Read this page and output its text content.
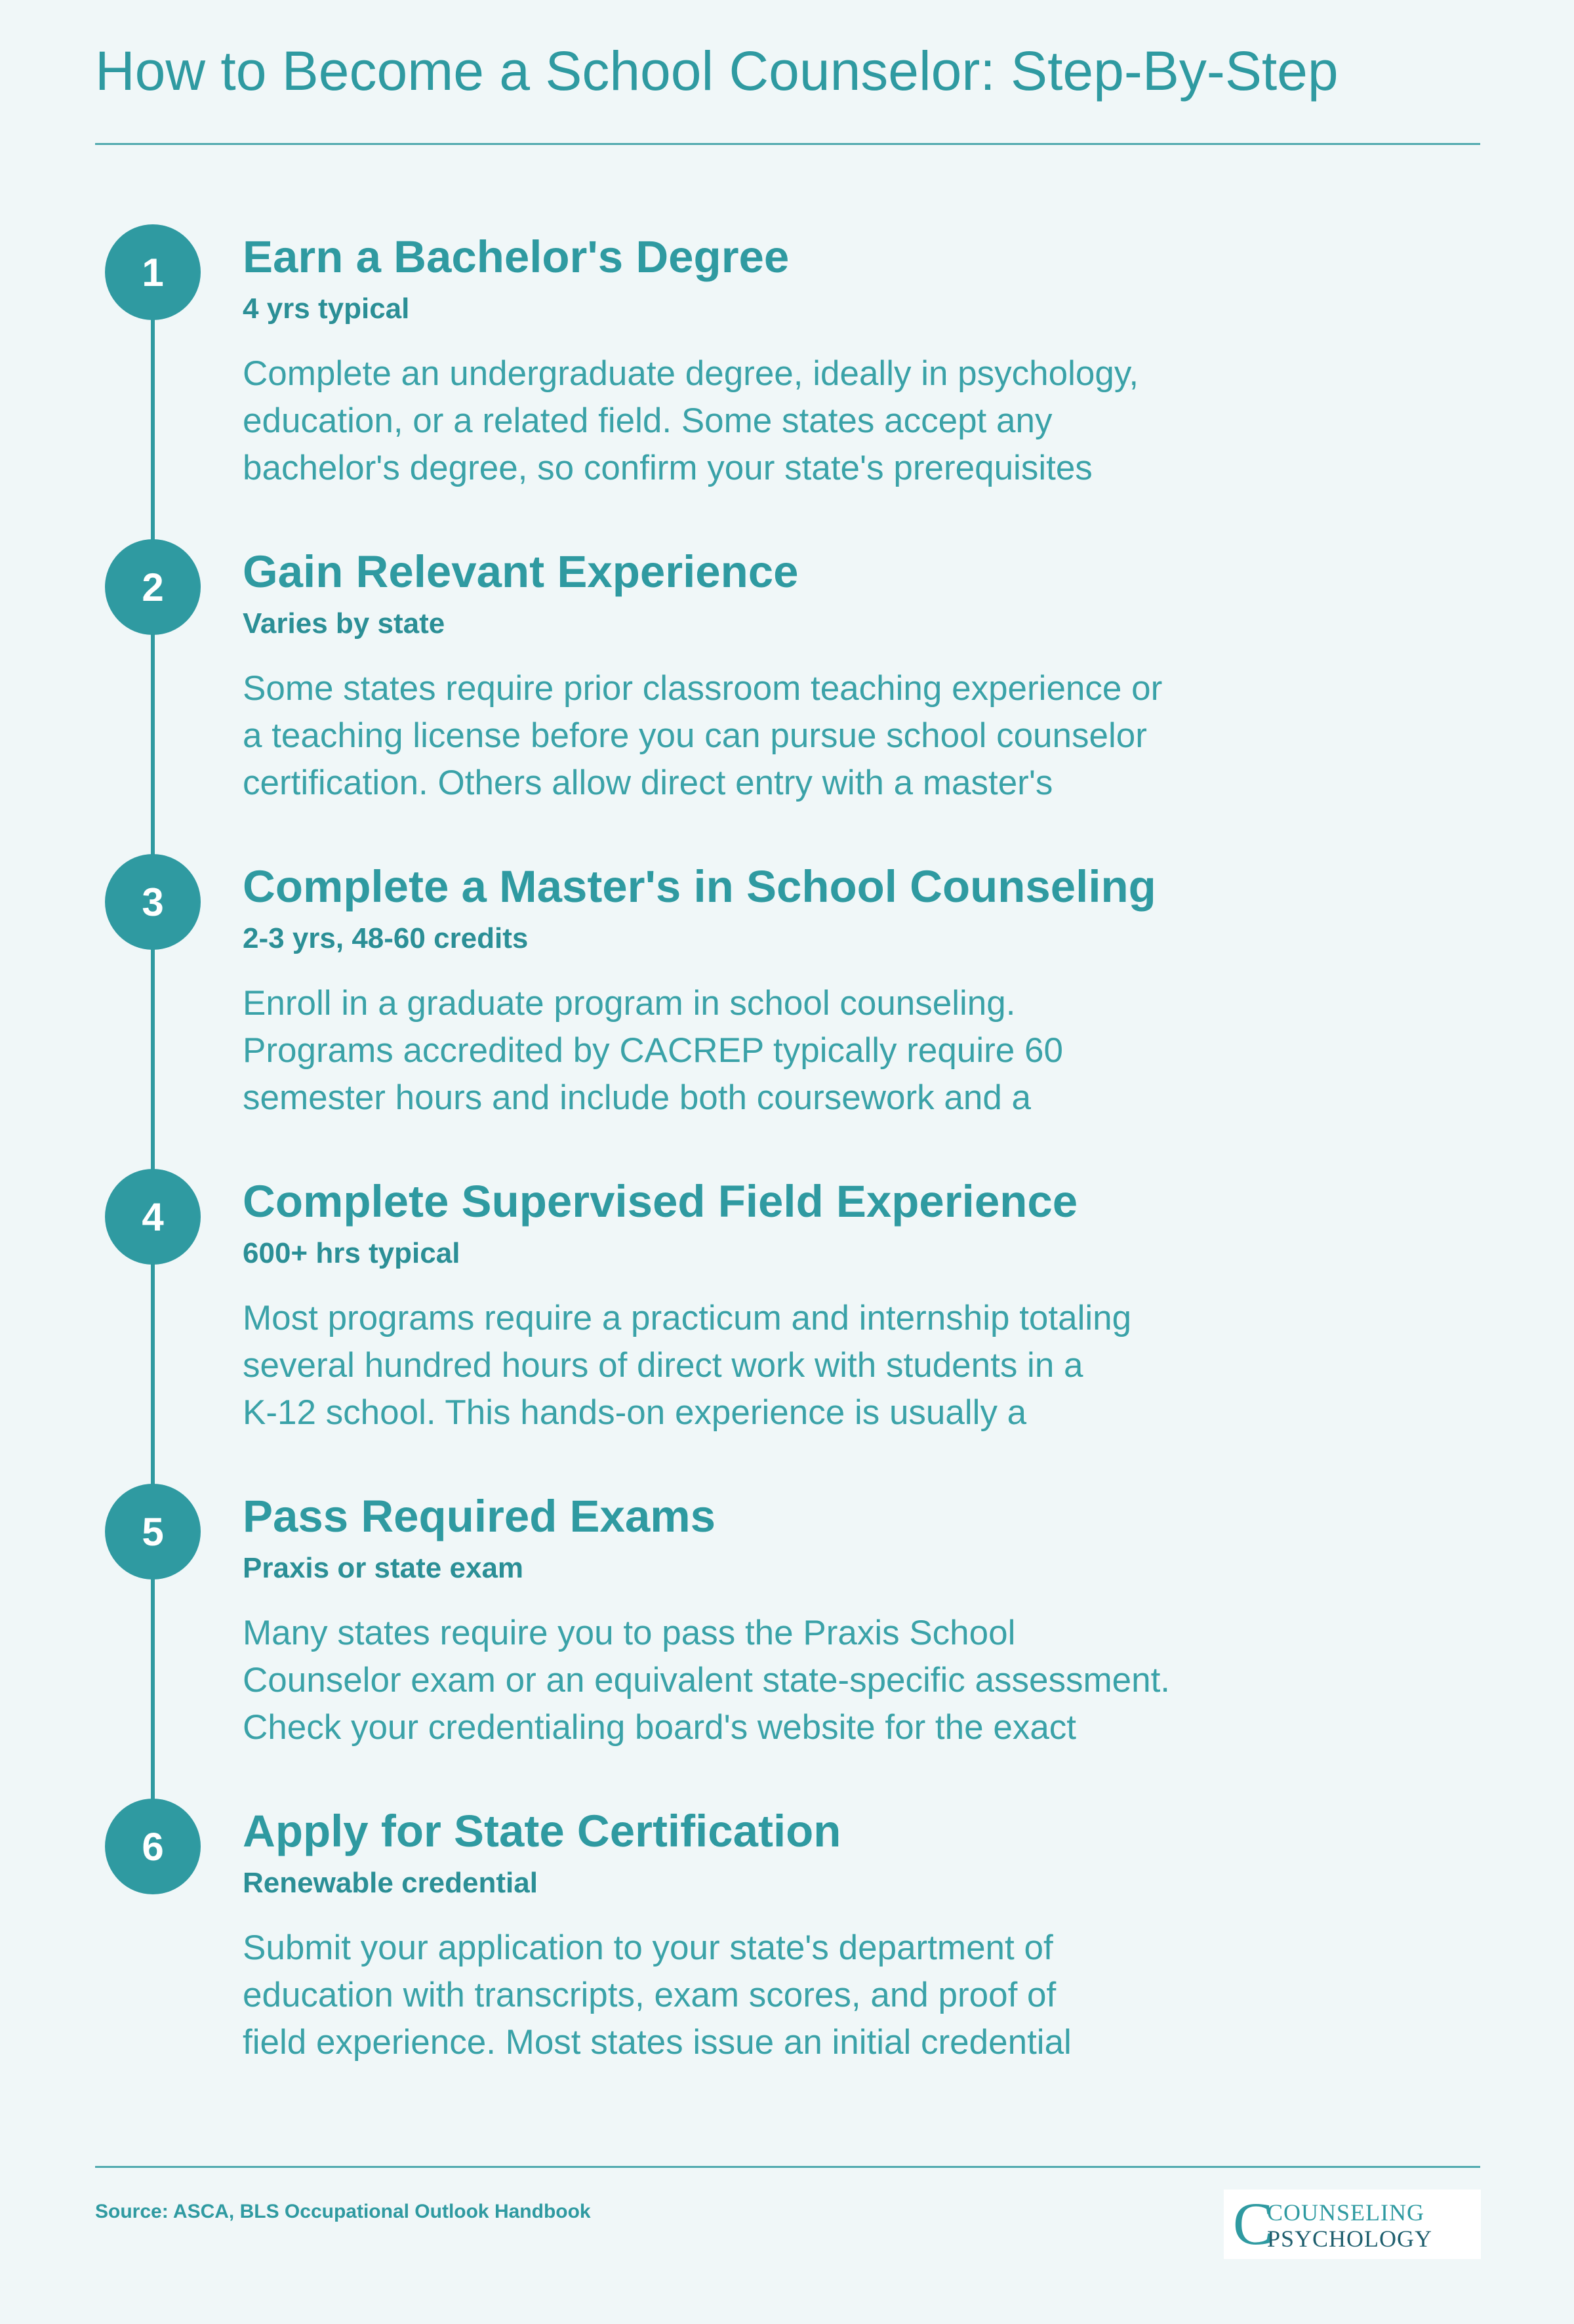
How to Become a School Counselor: Step-By-Step
1	Earn a Bachelor's Degree
4 yrs typical
Complete an undergraduate degree, ideally in psychology,
education, or a related field. Some states accept any
bachelor's degree, so confirm your state's prerequisites
2	Gain Relevant Experience
Varies by state
Some states require prior classroom teaching experience or
a teaching license before you can pursue school counselor
certification. Others allow direct entry with a master's
3	Complete a Master's in School Counseling
2-3 yrs, 48-60 credits
Enroll in a graduate program in school counseling.
Programs accredited by CACREP typically require 60
semester hours and include both coursework and a
4	Complete Supervised Field Experience
600+ hrs typical
Most programs require a practicum and internship totaling
several hundred hours of direct work with students in a
K-12 school. This hands-on experience is usually a
5	Pass Required Exams
Praxis or state exam
Many states require you to pass the Praxis School
Counselor exam or an equivalent state-specific assessment.
Check your credentialing board's website for the exact
6	Apply for State Certification
Renewable credential
Submit your application to your state's department of
education with transcripts, exam scores, and proof of
field experience. Most states issue an initial credential
Source: ASCA, BLS Occupational Outlook Handbook	C
COUNSELING
PSYCHOLOGY
